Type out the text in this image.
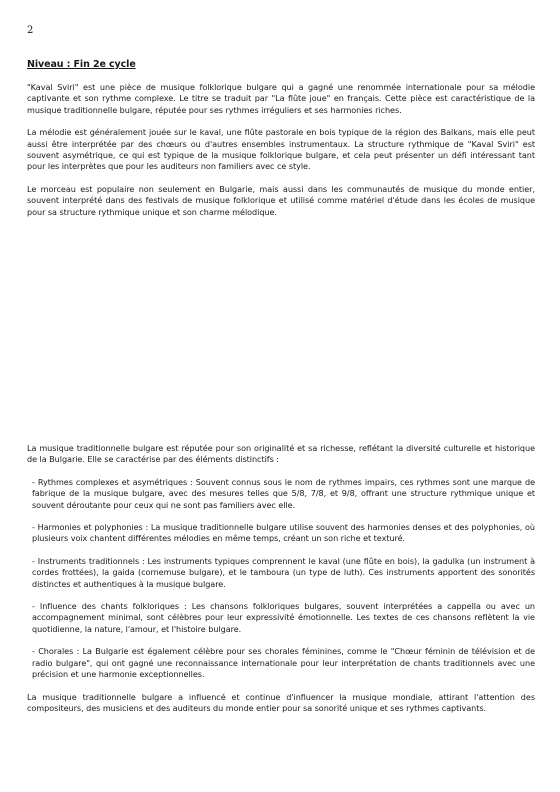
2
Niveau : Fin 2e cycle

"Kaval Sviri" est une pièce de musique folklorique bulgare qui a gagné une renommée internationale pour sa mélodie captivante et son rythme complexe. Le titre se traduit par "La flûte joue" en français. Cette pièce est caractéristique de la musique traditionnelle bulgare, réputée pour ses rythmes irréguliers et ses harmonies riches.

La mélodie est généralement jouée sur le kaval, une flûte pastorale en bois typique de la région des Balkans, mais elle peut aussi être interprétée par des chœurs ou d'autres ensembles instrumentaux. La structure rythmique de "Kaval Sviri" est souvent asymétrique, ce qui est typique de la musique folklorique bulgare, et cela peut présenter un défi intéressant tant pour les interprètes que pour les auditeurs non familiers avec ce style.

Le morceau est populaire non seulement en Bulgarie, mais aussi dans les communautés de musique du monde entier, souvent interprété dans des festivals de musique folklorique et utilisé comme matériel d'étude dans les écoles de musique pour sa structure rythmique unique et son charme mélodique.

La musique traditionnelle bulgare est réputée pour son originalité et sa richesse, reflétant la diversité culturelle et historique de la Bulgarie. Elle se caractérise par des éléments distinctifs :

- Rythmes complexes et asymétriques : Souvent connus sous le nom de rythmes impairs, ces rythmes sont une marque de fabrique de la musique bulgare, avec des mesures telles que 5/8, 7/8, et 9/8, offrant une structure rythmique unique et souvent déroutante pour ceux qui ne sont pas familiers avec elle.

- Harmonies et polyphonies : La musique traditionnelle bulgare utilise souvent des harmonies denses et des polyphonies, où plusieurs voix chantent différentes mélodies en même temps, créant un son riche et texturé.

- Instruments traditionnels : Les instruments typiques comprennent le kaval (une flûte en bois), la gadulka (un instrument à cordes frottées), la gaida (cornemuse bulgare), et le tamboura (un type de luth). Ces instruments apportent des sonorités distinctes et authentiques à la musique bulgare.

- Influence des chants folkloriques : Les chansons folkloriques bulgares, souvent interprétées a cappella ou avec un accompagnement minimal, sont célèbres pour leur expressivité émotionnelle. Les textes de ces chansons reflètent la vie quotidienne, la nature, l'amour, et l'histoire bulgare.

- Chorales : La Bulgarie est également célèbre pour ses chorales féminines, comme le "Chœur féminin de télévision et de radio bulgare", qui ont gagné une reconnaissance internationale pour leur interprétation de chants traditionnels avec une précision et une harmonie exceptionnelles.

La musique traditionnelle bulgare a influencé et continue d'influencer la musique mondiale, attirant l'attention des compositeurs, des musiciens et des auditeurs du monde entier pour sa sonorité unique et ses rythmes captivants.
